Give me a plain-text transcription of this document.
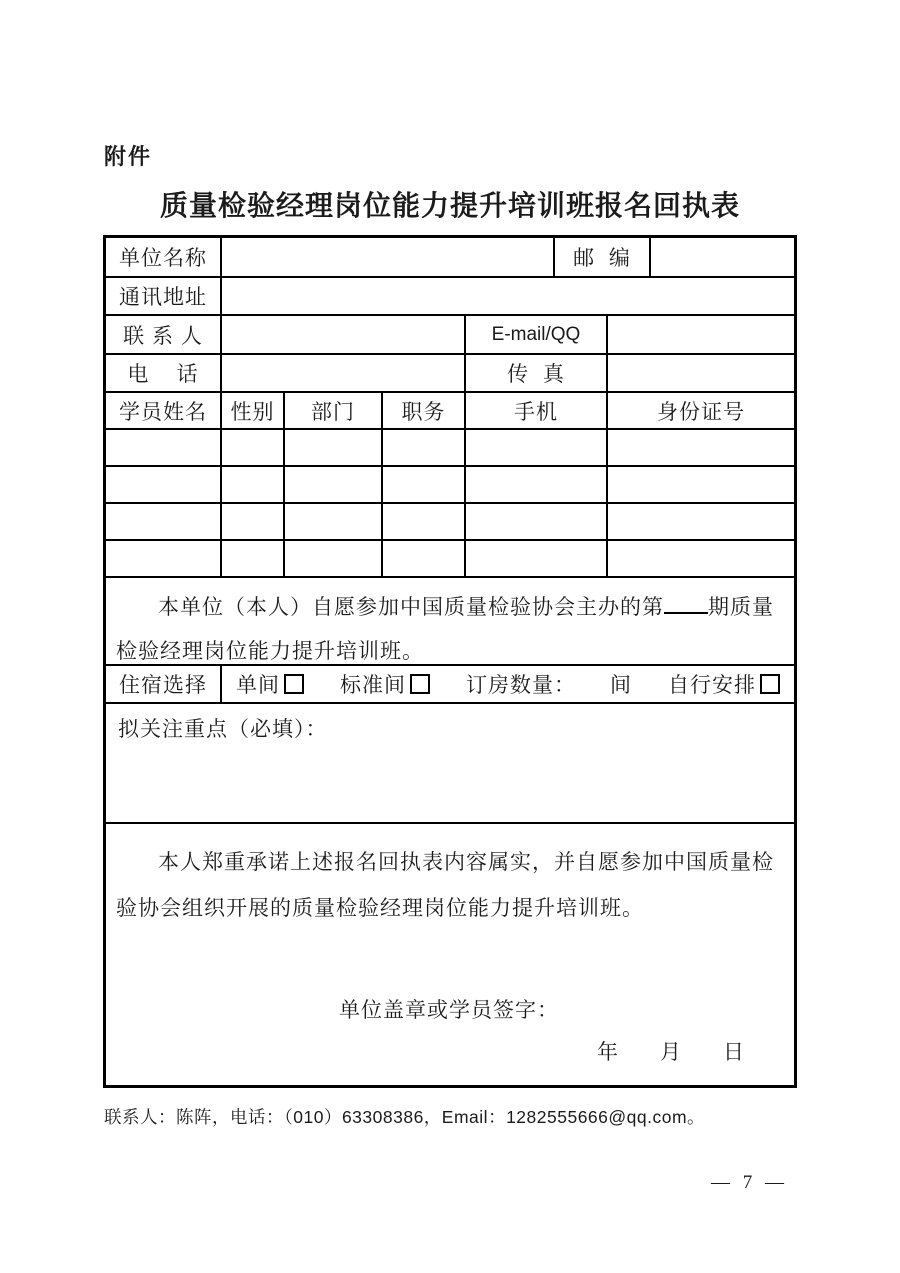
附件
质量检验经理岗位能力提升培训班报名回执表
单位名称	邮  编
通讯地址
联 系 人	E-mail/QQ
电    话	传  真
学员姓名	性别	部门	职务	手机	身份证号
本单位（本人）自愿参加中国质量检验协会主办的第 期质量检验经理岗位能力提升培训班。
住宿选择	单间	标准间	订房数量： 间 自行安排
拟关注重点（必填）：
本人郑重承诺上述报名回执表内容属实，并自愿参加中国质量检验协会组织开展的质量检验经理岗位能力提升培训班。
单位盖章或学员签字：
年　　月　　日
联系人：陈阵，电话：（010）63308386，Email：1282555666@qq.com。
— 7 —
